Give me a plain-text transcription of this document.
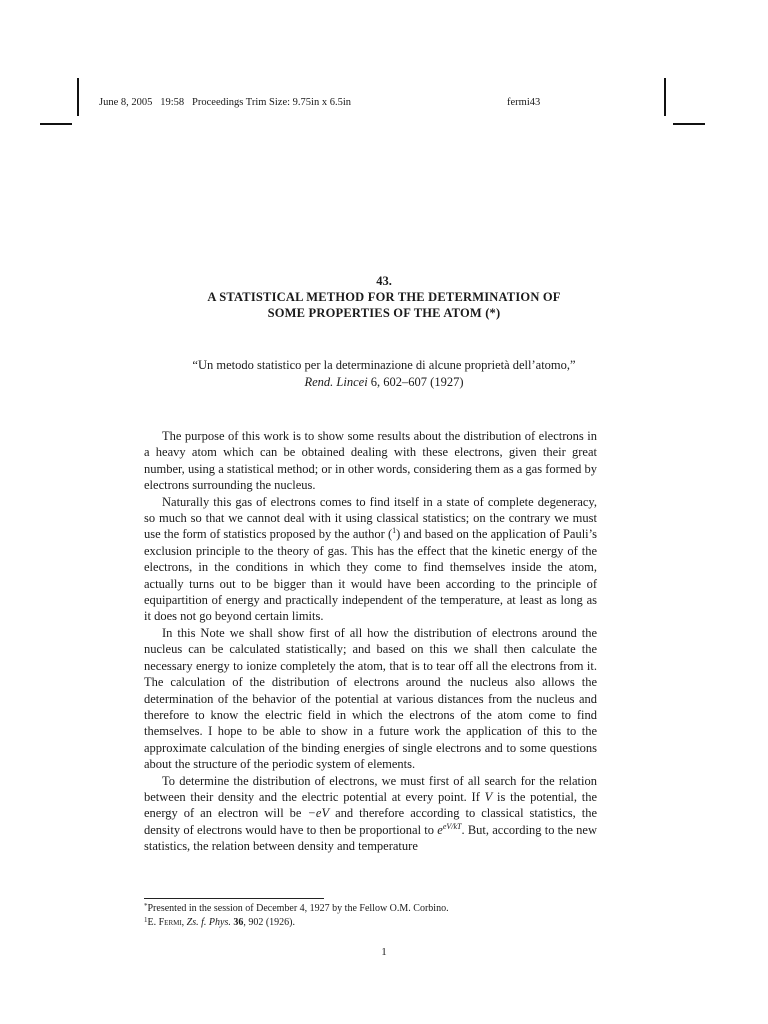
June 8, 2005   19:58   Proceedings Trim Size: 9.75in x 6.5in	fermi43
43.
A STATISTICAL METHOD FOR THE DETERMINATION OF
SOME PROPERTIES OF THE ATOM (*)
“Un metodo statistico per la determinazione di alcune proprietà dell’atomo,”
Rend. Lincei 6, 602–607 (1927)

The purpose of this work is to show some results about the distribution of electrons in a heavy atom which can be obtained dealing with these electrons, given their great number, using a statistical method; or in other words, considering them as a gas formed by electrons surrounding the nucleus.

Naturally this gas of electrons comes to find itself in a state of complete degeneracy, so much so that we cannot deal with it using classical statistics; on the contrary we must use the form of statistics proposed by the author ($^1$) and based on the application of Pauli’s exclusion principle to the theory of gas. This has the effect that the kinetic energy of the electrons, in the conditions in which they come to find themselves inside the atom, actually turns out to be bigger than it would have been according to the principle of equipartition of energy and practically independent of the temperature, at least as long as it does not go beyond certain limits.

In this Note we shall show first of all how the distribution of electrons around the nucleus can be calculated statistically; and based on this we shall then calculate the necessary energy to ionize completely the atom, that is to tear off all the electrons from it. The calculation of the distribution of electrons around the nucleus also allows the determination of the behavior of the potential at various distances from the nucleus and therefore to know the electric field in which the electrons of the atom come to find themselves. I hope to be able to show in a future work the application of this to the approximate calculation of the binding energies of single electrons and to some questions about the structure of the periodic system of elements.

To determine the distribution of electrons, we must first of all search for the relation between their density and the electric potential at every point. If V is the potential, the energy of an electron will be −eV and therefore according to classical statistics, the density of electrons would have to then be proportional to $e^{eV/kT}$. But, according to the new statistics, the relation between density and temperature

*Presented in the session of December 4, 1927 by the Fellow O.M. Corbino.

$^1$E. Fermi, Zs. f. Phys. 36, 902 (1926).

1
